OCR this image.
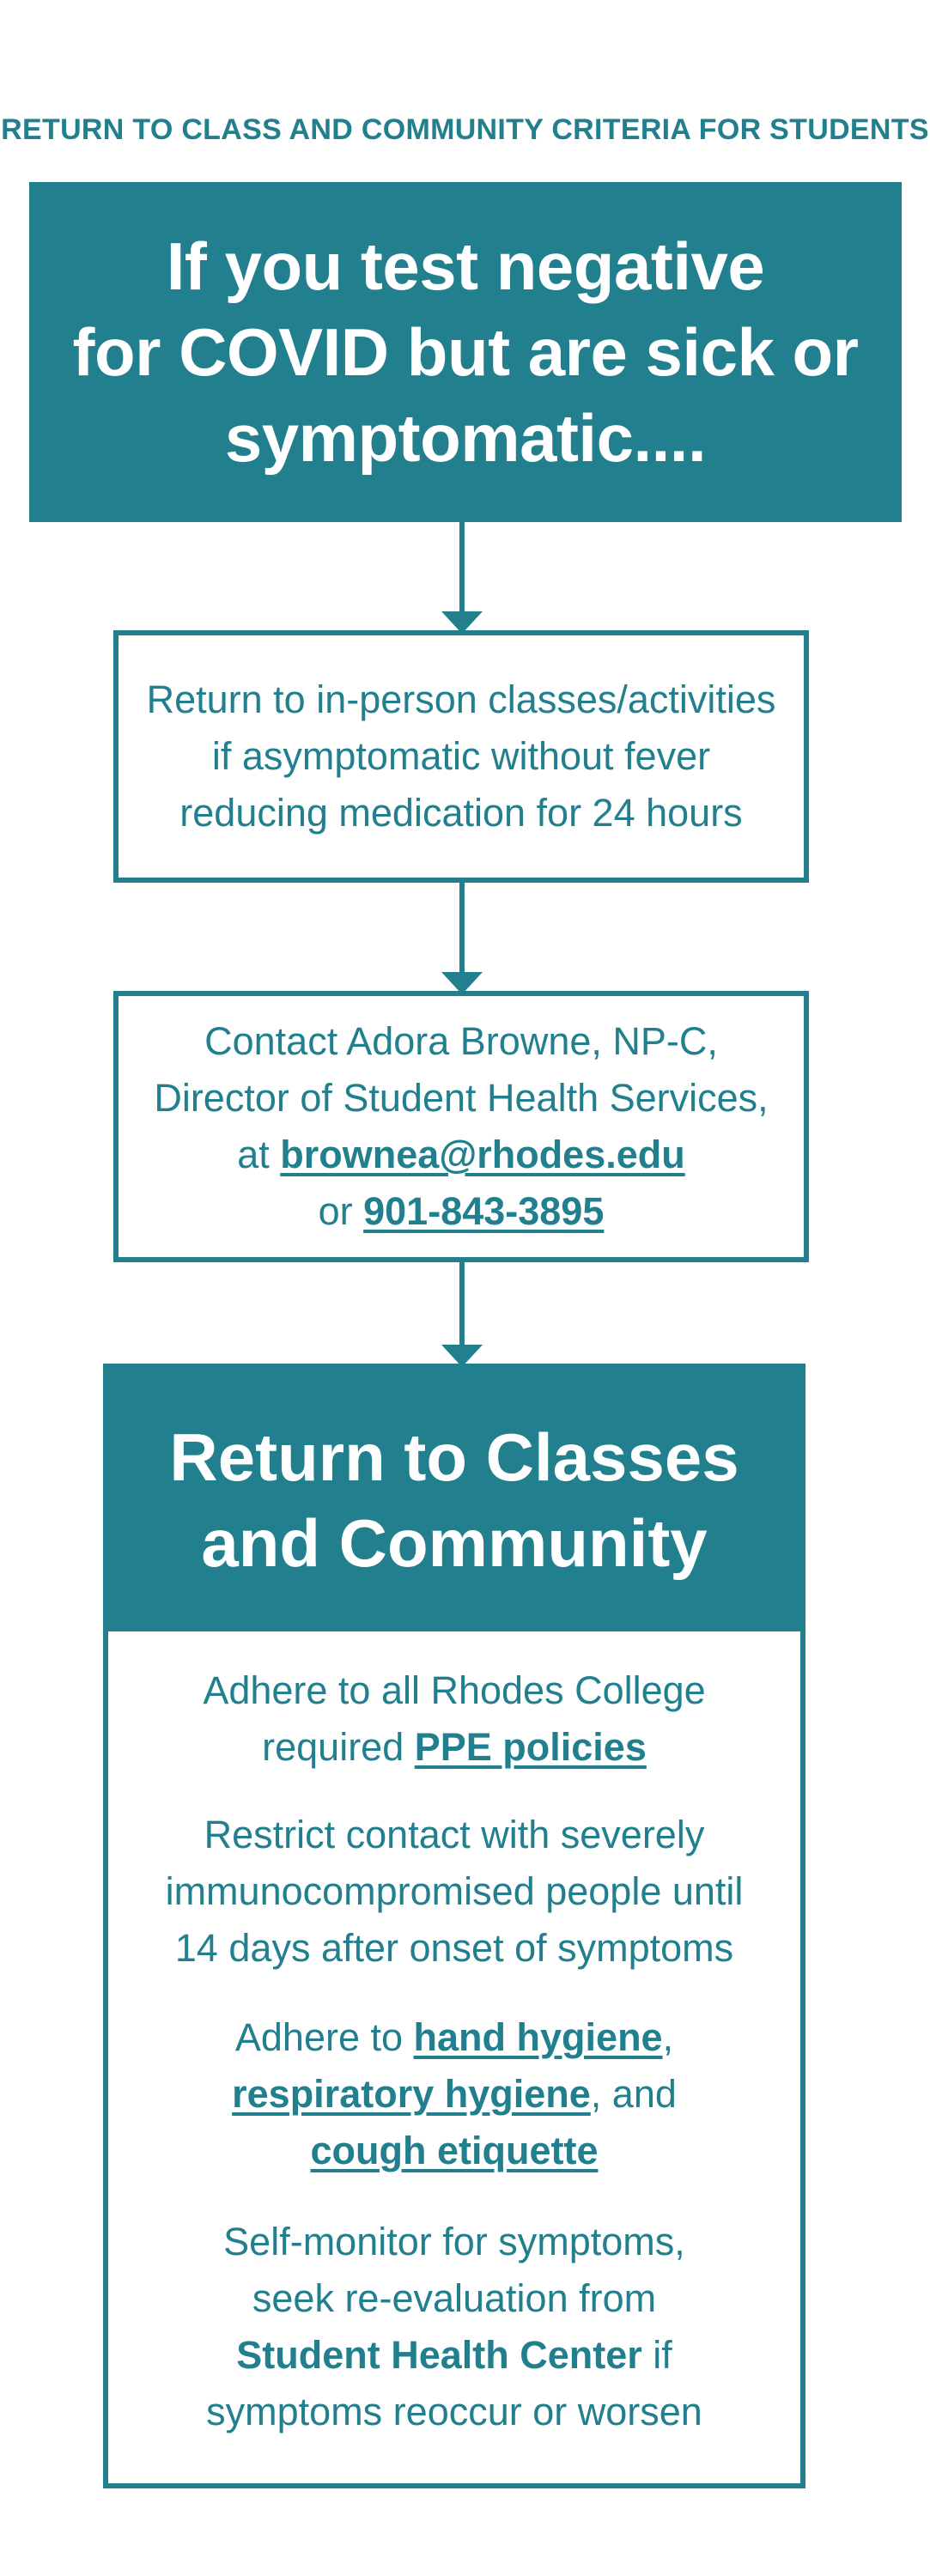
RETURN TO CLASS AND COMMUNITY CRITERIA FOR STUDENTS
If you test negative
for COVID but are sick or
symptomatic....
Return to in-person classes/activities
if asymptomatic without fever
reducing medication for 24 hours
Contact Adora Browne, NP-C,
Director of Student Health Services,
at brownea@rhodes.edu
or 901-843-3895
Return to Classes
and Community
Adhere to all Rhodes College
required PPE policies
Restrict contact with severely
immunocompromised people until
14 days after onset of symptoms
Adhere to hand hygiene,
respiratory hygiene, and
cough etiquette
Self-monitor for symptoms,
seek re-evaluation from
Student Health Center if
symptoms reoccur or worsen
